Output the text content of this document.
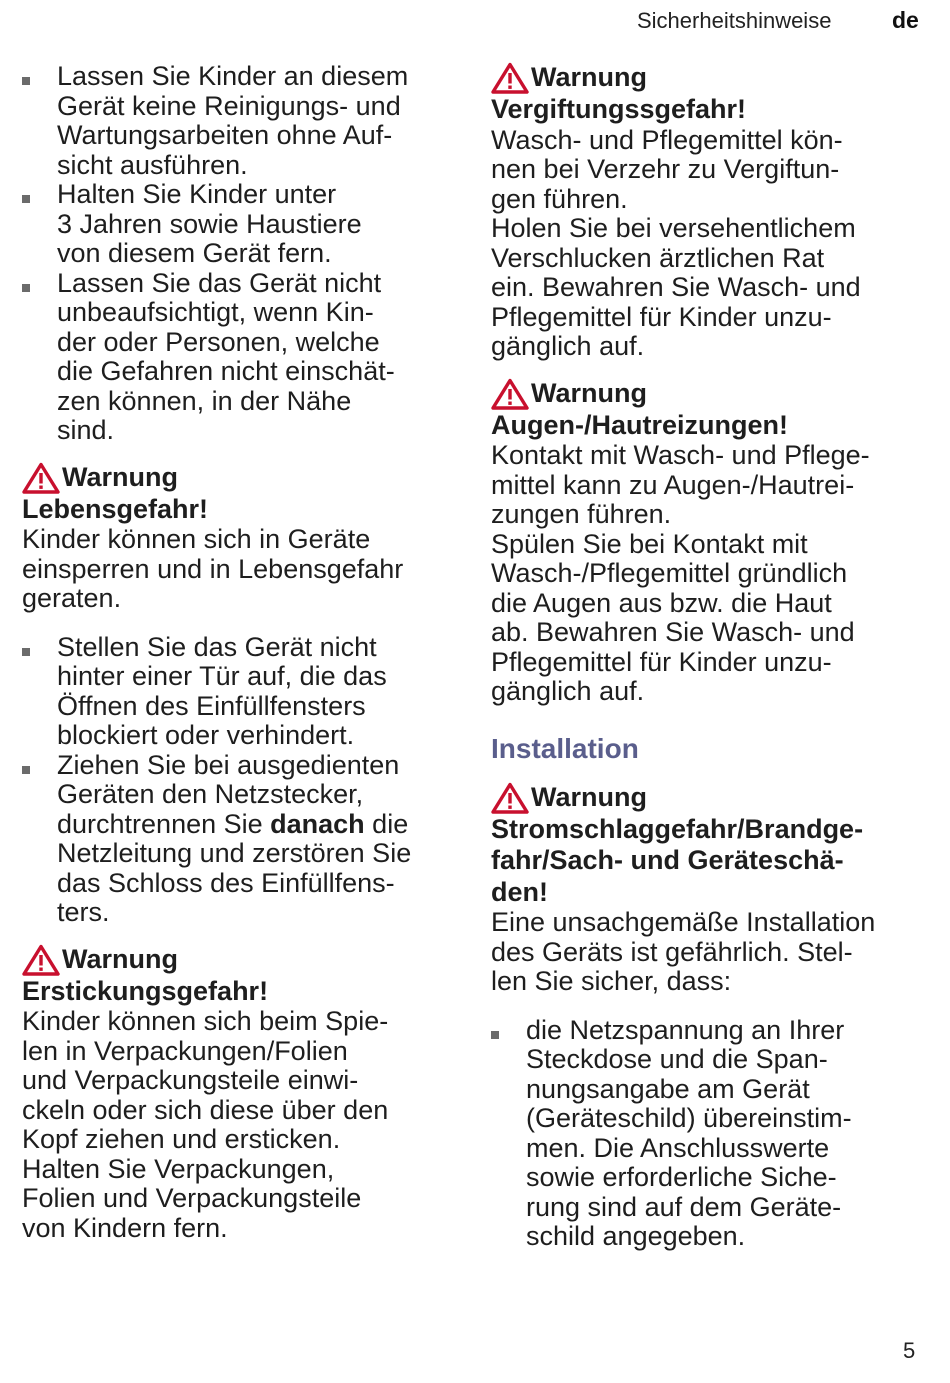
Sicherheitshinweise	de
Lassen Sie Kinder an diesem
Gerät keine Reinigungs- und
Wartungsarbeiten ohne Auf-
sicht ausführen.
Halten Sie Kinder unter
3 Jahren sowie Haustiere
von diesem Gerät fern.
Lassen Sie das Gerät nicht
unbeaufsichtigt, wenn Kin-
der oder Personen, welche
die Gefahren nicht einschät-
zen können, in der Nähe
sind.
Warnung
Lebensgefahr!
Kinder können sich in Geräte
einsperren und in Lebensgefahr
geraten.
Stellen Sie das Gerät nicht
hinter einer Tür auf, die das
Öffnen des Einfüllfensters
blockiert oder verhindert.
Ziehen Sie bei ausgedienten
Geräten den Netzstecker,
durchtrennen Sie danach die
Netzleitung und zerstören Sie
das Schloss des Einfüllfens-
ters.
Warnung
Erstickungsgefahr!
Kinder können sich beim Spie-
len in Verpackungen/Folien
und Verpackungsteile einwi-
ckeln oder sich diese über den
Kopf ziehen und ersticken.
Halten Sie Verpackungen,
Folien und Verpackungsteile
von Kindern fern.
Warnung
Vergiftungssgefahr!
Wasch- und Pflegemittel kön-
nen bei Verzehr zu Vergiftun-
gen führen.
Holen Sie bei versehentlichem
Verschlucken ärztlichen Rat
ein. Bewahren Sie Wasch- und
Pflegemittel für Kinder unzu-
gänglich auf.
Warnung
Augen-/Hautreizungen!
Kontakt mit Wasch- und Pflege-
mittel kann zu Augen-/Hautrei-
zungen führen.
Spülen Sie bei Kontakt mit
Wasch-/Pflegemittel gründlich
die Augen aus bzw. die Haut
ab. Bewahren Sie Wasch- und
Pflegemittel für Kinder unzu-
gänglich auf.
Installation
Warnung
Stromschlaggefahr/Brandge-
fahr/Sach- und Geräteschä-
den!
Eine unsachgemäße Installation
des Geräts ist gefährlich. Stel-
len Sie sicher, dass:
die Netzspannung an Ihrer
Steckdose und die Span-
nungsangabe am Gerät
(Geräteschild) übereinstim-
men. Die Anschlusswerte
sowie erforderliche Siche-
rung sind auf dem Geräte-
schild angegeben.
5
